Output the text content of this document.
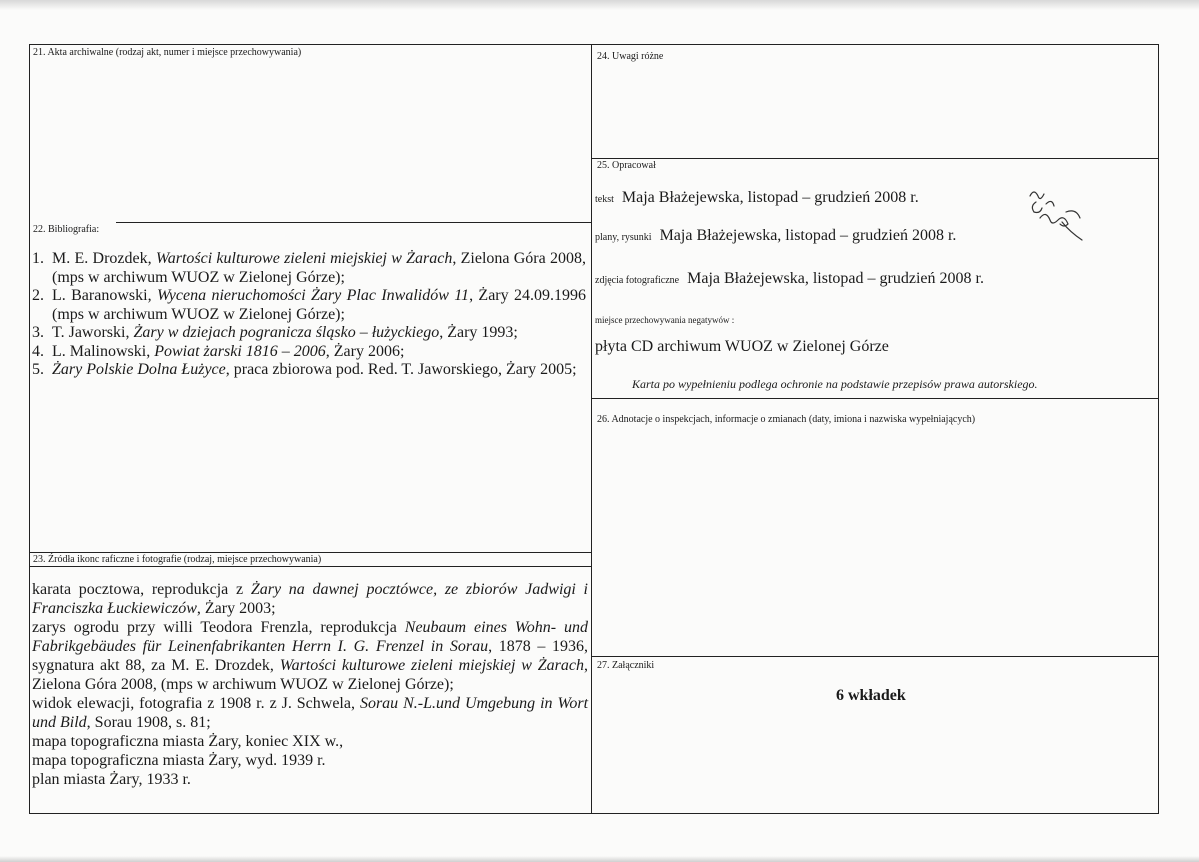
21. Akta archiwalne (rodzaj akt, numer i miejsce przechowywania)
22. Bibliografia:
1. M. E. Drozdek, Wartości kulturowe zieleni miejskiej w Żarach, Zielona Góra 2008, (mps w archiwum WUOZ w Zielonej Górze);
2. L. Baranowski, Wycena nieruchomości Żary Plac Inwalidów 11, Żary 24.09.1996 (mps w archiwum WUOZ w Zielonej Górze);
3. T. Jaworski, Żary w dziejach pogranicza śląsko – łużyckiego, Żary 1993;
4. L. Malinowski, Powiat żarski 1816 – 2006, Żary 2006;
5. Żary Polskie Dolna Łużyce, praca zbiorowa pod. Red. T. Jaworskiego, Żary 2005;
23. Źródła ikonc raficzne i fotografie (rodzaj, miejsce przechowywania)

karata pocztowa, reprodukcja z Żary na dawnej pocztówce, ze zbiorów Jadwigi i Franciszka Łuckiewiczów, Żary 2003;

zarys ogrodu przy willi Teodora Frenzla, reprodukcja Neubaum eines Wohn- und Fabrikgebäudes für Leinenfabrikanten Herrn I. G. Frenzel in Sorau, 1878 – 1936, sygnatura akt 88, za M. E. Drozdek, Wartości kulturowe zieleni miejskiej w Żarach, Zielona Góra 2008, (mps w archiwum WUOZ w Zielonej Górze);

widok elewacji, fotografia z 1908 r. z J. Schwela, Sorau N.-L.und Umgebung in Wort und Bild, Sorau 1908, s. 81;

mapa topograficzna miasta Żary, koniec XIX w.,

mapa topograficzna miasta Żary, wyd. 1939 r.

plan miasta Żary, 1933 r.

24. Uwagi różne
25. Opracował
tekst Maja Błażejewska, listopad – grudzień 2008 r.
plany, rysunki Maja Błażejewska, listopad – grudzień 2008 r.
zdjęcia fotograficzne Maja Błażejewska, listopad – grudzień 2008 r.
miejsce przechowywania negatywów :
płyta CD archiwum WUOZ w Zielonej Górze
Karta po wypełnieniu podlega ochronie na podstawie przepisów prawa autorskiego.
26. Adnotacje o inspekcjach, informacje o zmianach (daty, imiona i nazwiska wypełniających)
27. Załączniki
6 wkładek
